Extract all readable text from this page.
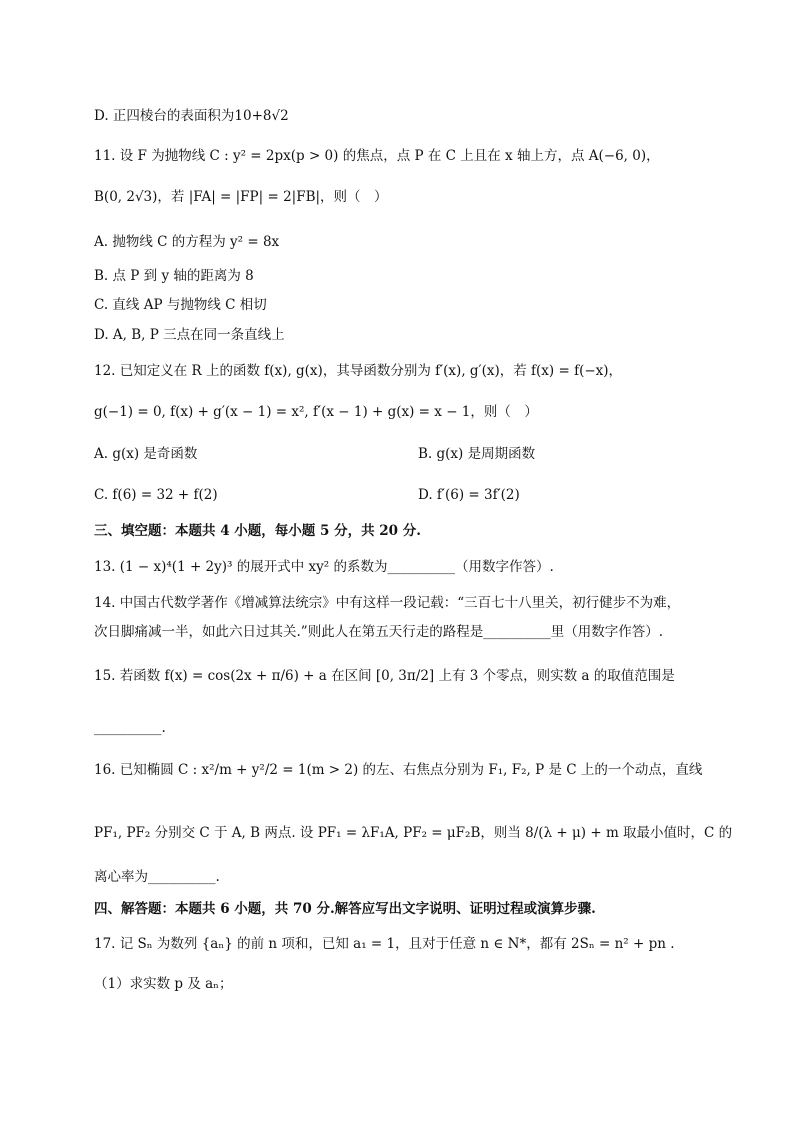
D. 正四棱台的表面积为10+8√2
11. 设 F 为抛物线 C : y² = 2px(p > 0) 的焦点，点 P 在 C 上且在 x 轴上方，点 A(−6, 0)，
B(0, 2√3)，若 |FA| = |FP| = 2|FB|，则（　）
A. 抛物线 C 的方程为 y² = 8x
B. 点 P 到 y 轴的距离为 8
C. 直线 AP 与抛物线 C 相切
D. A, B, P 三点在同一条直线上
12. 已知定义在 R 上的函数 f(x), g(x)，其导函数分别为 f′(x), g′(x)，若 f(x) = f(−x)，
g(−1) = 0, f(x) + g′(x − 1) = x², f′(x − 1) + g(x) = x − 1，则（　）
A. g(x) 是奇函数	B. g(x) 是周期函数
C. f(6) = 32 + f(2)	D. f′(6) = 3f′(2)
三、填空题：本题共 4 小题，每小题 5 分，共 20 分.
13. (1 − x)⁴(1 + 2y)³ 的展开式中 xy² 的系数为__________（用数字作答）.
14. 中国古代数学著作《增减算法统宗》中有这样一段记载：“三百七十八里关，初行健步不为难，
次日脚痛减一半，如此六日过其关.”则此人在第五天行走的路程是__________里（用数字作答）.
15. 若函数 f(x) = cos(2x + π/6) + a 在区间 [0, 3π/2] 上有 3 个零点，则实数 a 的取值范围是
__________.
16. 已知椭圆 C : x²/m + y²/2 = 1(m > 2) 的左、右焦点分别为 F₁, F₂, P 是 C 上的一个动点，直线
PF₁, PF₂ 分别交 C 于 A, B 两点. 设 PF₁ = λF₁A, PF₂ = μF₂B，则当 8/(λ + μ) + m 取最小值时，C 的
离心率为__________.
四、解答题：本题共 6 小题，共 70 分.解答应写出文字说明、证明过程或演算步骤.
17. 记 Sₙ 为数列 {aₙ} 的前 n 项和，已知 a₁ = 1，且对于任意 n ∈ N*，都有 2Sₙ = n² + pn .
（1）求实数 p 及 aₙ；
